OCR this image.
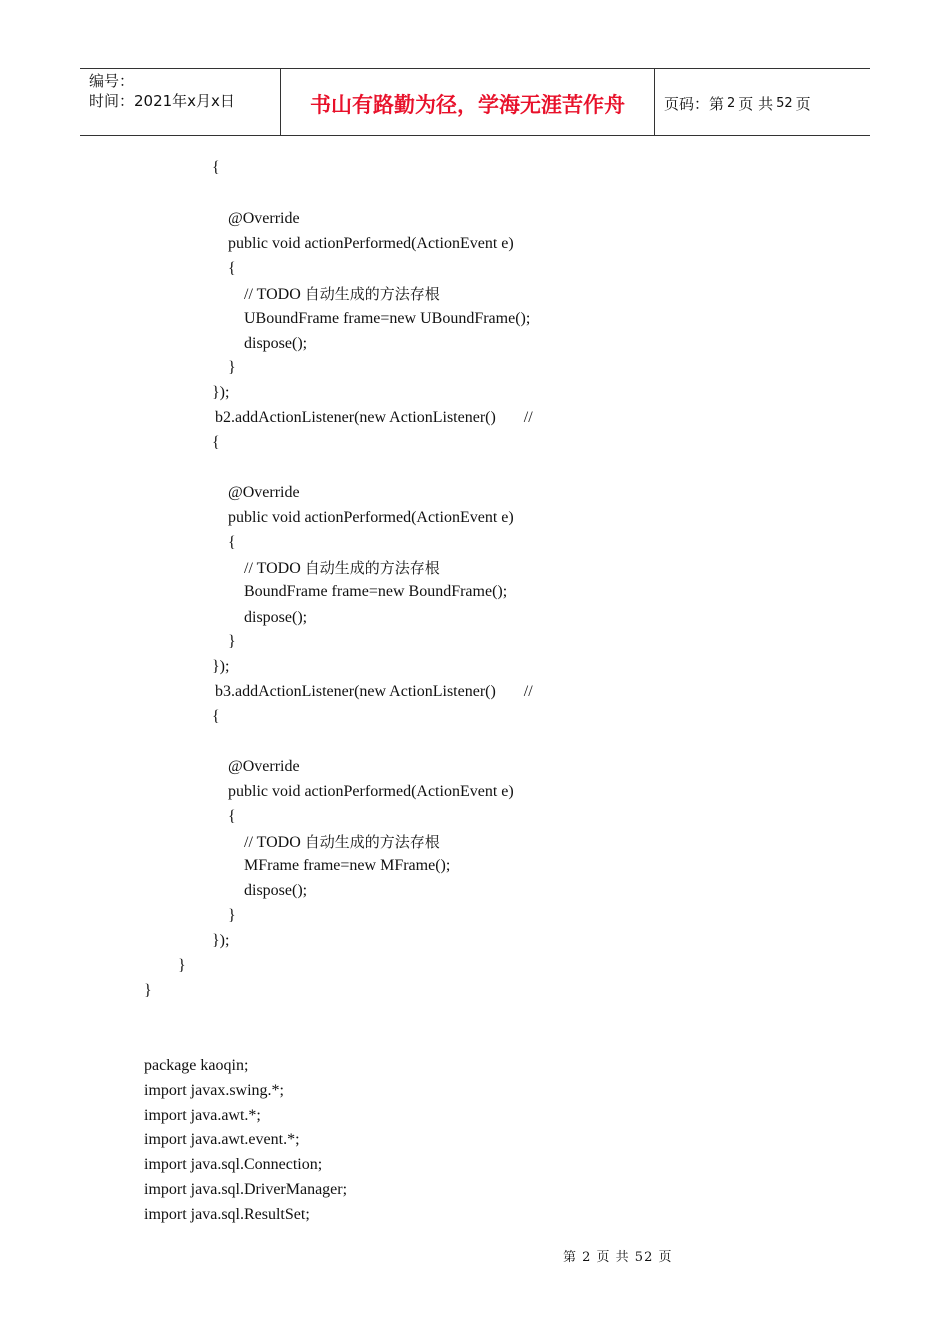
编号：
时间：2021年x月x日	书山有路勤为径，学海无涯苦作舟	页码：第 2 页 共 52 页
{
@Override
public void actionPerformed(ActionEvent e)
{
// TODO 自动生成的方法存根
UBoundFrame frame=new UBoundFrame();
dispose();
}
});
b2.addActionListener(new ActionListener()       //
{
@Override
public void actionPerformed(ActionEvent e)
{
// TODO 自动生成的方法存根
BoundFrame frame=new BoundFrame();
dispose();
}
});
b3.addActionListener(new ActionListener()       //
{
@Override
public void actionPerformed(ActionEvent e)
{
// TODO 自动生成的方法存根
MFrame frame=new MFrame();
dispose();
}
});
}
}
package kaoqin;
import javax.swing.*;
import java.awt.*;
import java.awt.event.*;
import java.sql.Connection;
import java.sql.DriverManager;
import java.sql.ResultSet;
第 2 页 共 52 页
